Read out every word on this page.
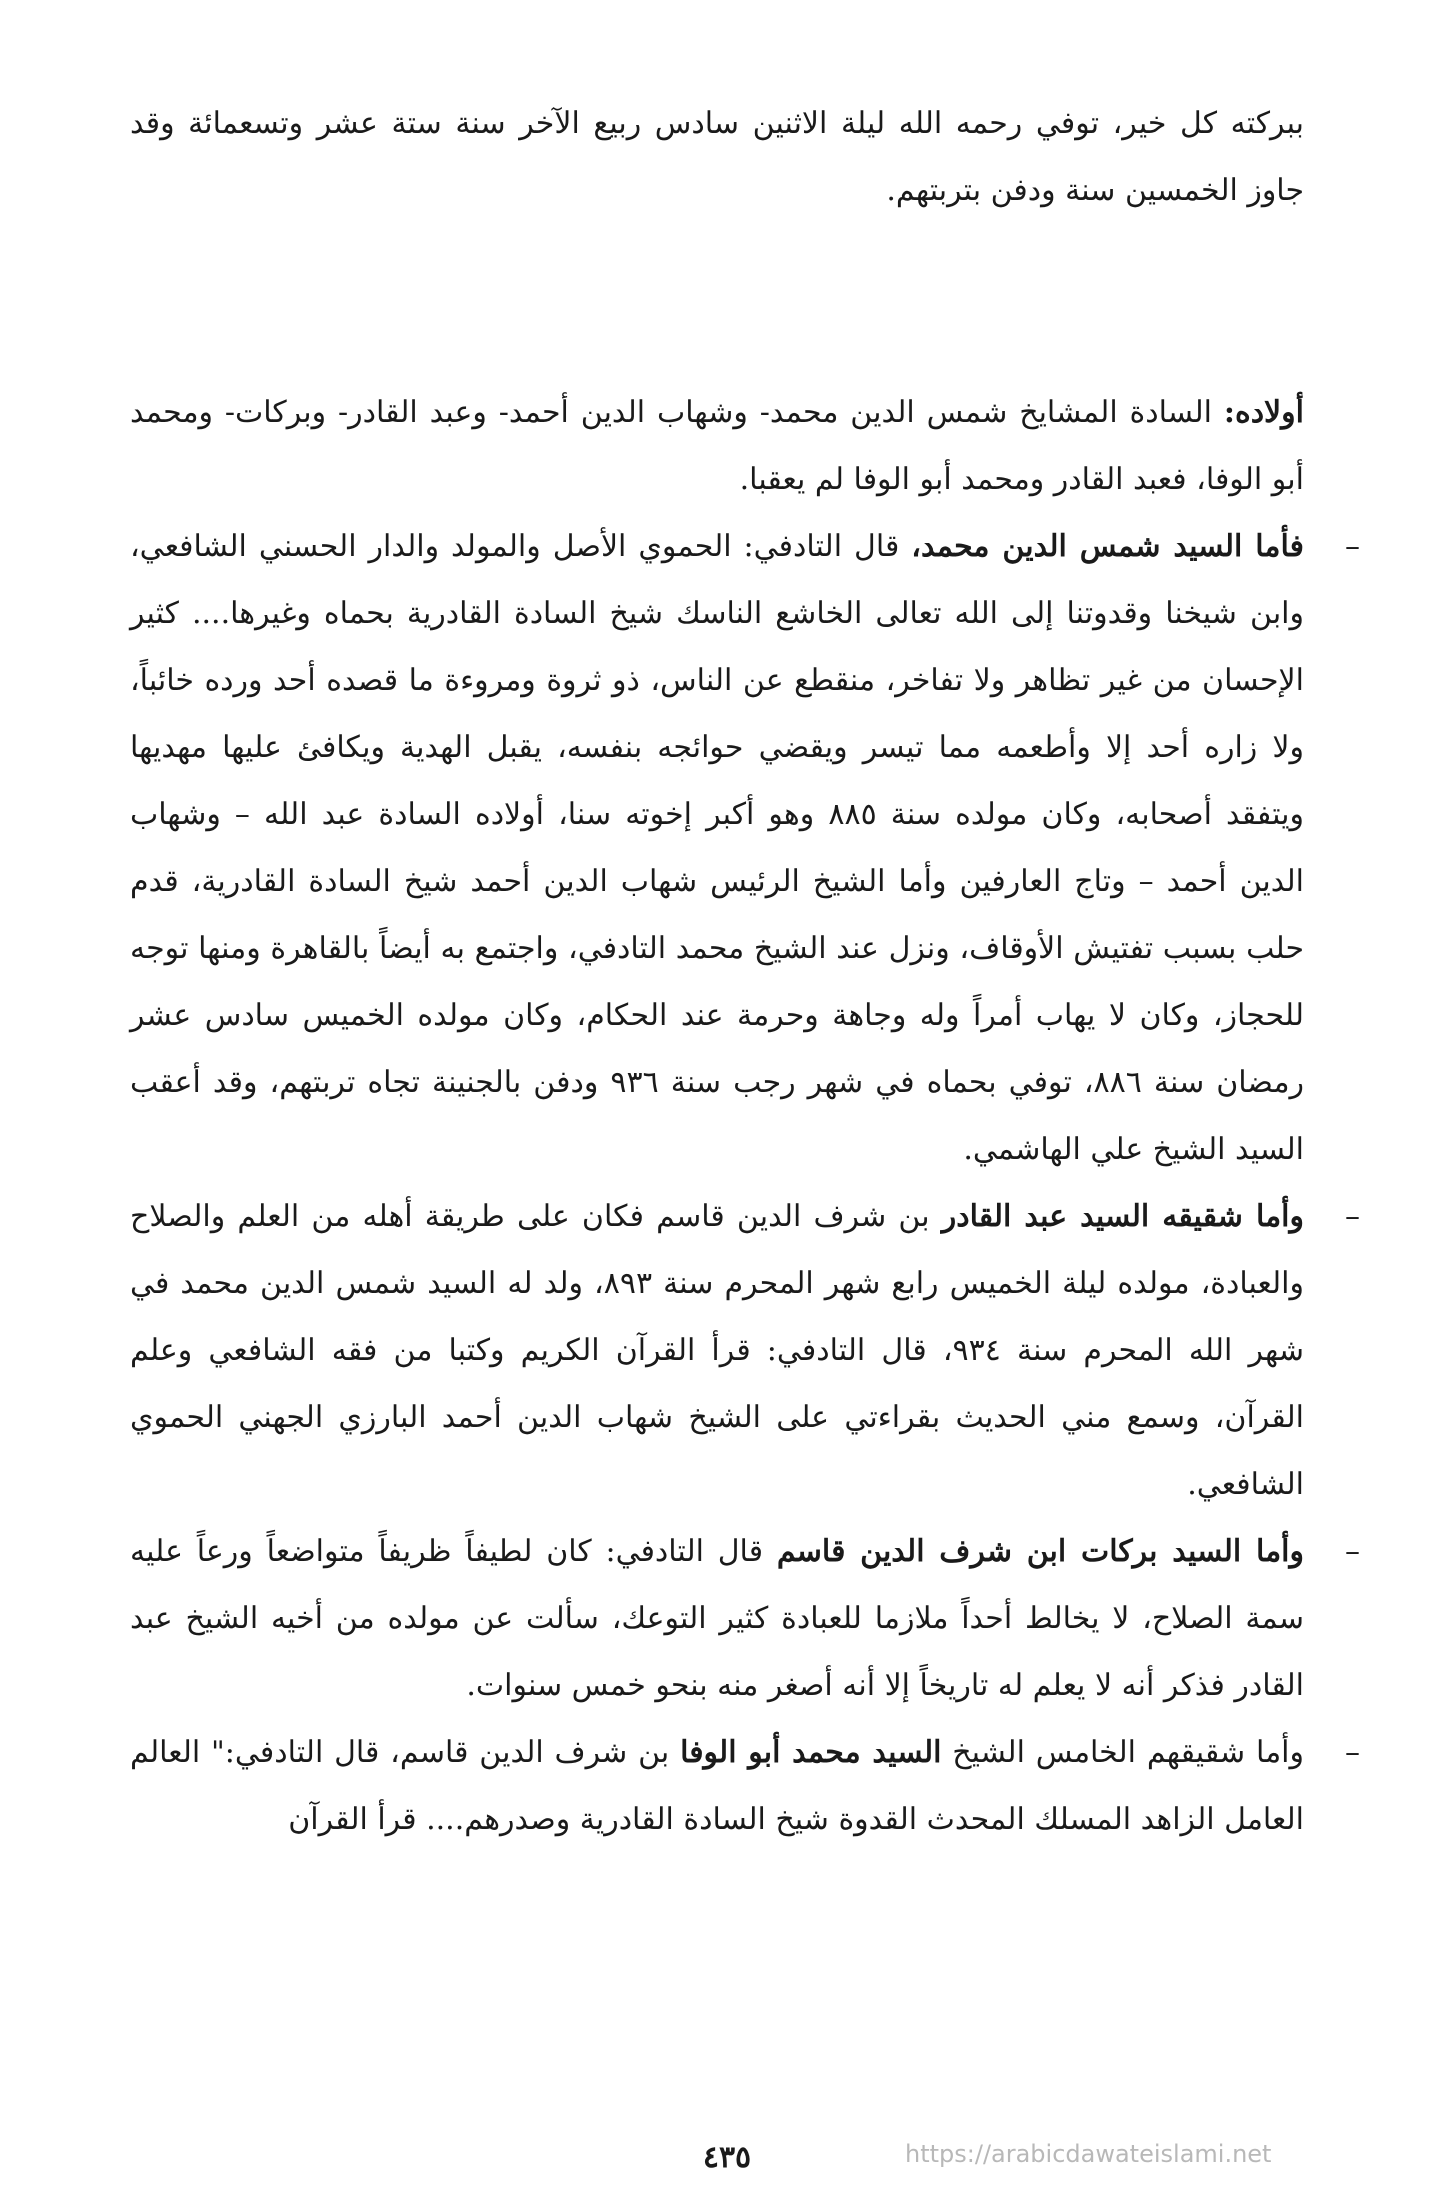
ببركته كل خير، توفي رحمه الله ليلة الاثنين سادس ربيع الآخر سنة ستة عشر وتسعمائة وقد جاوز الخمسين سنة ودفن بتربتهم.

أولاده: السادة المشايخ شمس الدين محمد- وشهاب الدين أحمد- وعبد القادر- وبركات- ومحمد أبو الوفا، فعبد القادر ومحمد أبو الوفا لم يعقبا.

–
فأما السيد شمس الدين محمد، قال التادفي: الحموي الأصل والمولد والدار الحسني الشافعي، وابن شيخنا وقدوتنا إلى الله تعالى الخاشع الناسك شيخ السادة القادرية بحماه وغيرها.... كثير الإحسان من غير تظاهر ولا تفاخر، منقطع عن الناس، ذو ثروة ومروءة ما قصده أحد ورده خائباً، ولا زاره أحد إلا وأطعمه مما تيسر ويقضي حوائجه بنفسه، يقبل الهدية ويكافئ عليها مهديها ويتفقد أصحابه، وكان مولده سنة ٨٨٥ وهو أكبر إخوته سنا، أولاده السادة عبد الله – وشهاب الدين أحمد – وتاج العارفين وأما الشيخ الرئيس شهاب الدين أحمد شيخ السادة القادرية، قدم حلب بسبب تفتيش الأوقاف، ونزل عند الشيخ محمد التادفي، واجتمع به أيضاً بالقاهرة ومنها توجه للحجاز، وكان لا يهاب أمراً وله وجاهة وحرمة عند الحكام، وكان مولده الخميس سادس عشر رمضان سنة ٨٨٦، توفي بحماه في شهر رجب سنة ٩٣٦ ودفن بالجنينة تجاه تربتهم، وقد أعقب السيد الشيخ علي الهاشمي.

–
وأما شقيقه السيد عبد القادر بن شرف الدين قاسم فكان على طريقة أهله من العلم والصلاح والعبادة، مولده ليلة الخميس رابع شهر المحرم سنة ٨٩٣، ولد له السيد شمس الدين محمد في شهر الله المحرم سنة ٩٣٤، قال التادفي: قرأ القرآن الكريم وكتبا من فقه الشافعي وعلم القرآن، وسمع مني الحديث بقراءتي على الشيخ شهاب الدين أحمد البارزي الجهني الحموي الشافعي.

–
وأما السيد بركات ابن شرف الدين قاسم قال التادفي: كان لطيفاً ظريفاً متواضعاً ورعاً عليه سمة الصلاح، لا يخالط أحداً ملازما للعبادة كثير التوعك، سألت عن مولده من أخيه الشيخ عبد القادر فذكر أنه لا يعلم له تاريخاً إلا أنه أصغر منه بنحو خمس سنوات.

–
وأما شقيقهم الخامس الشيخ السيد محمد أبو الوفا بن شرف الدين قاسم، قال التادفي:" العالم العامل الزاهد المسلك المحدث القدوة شيخ السادة القادرية وصدرهم.... قرأ القرآن

https://arabicdawateislami.net
٤٣٥
